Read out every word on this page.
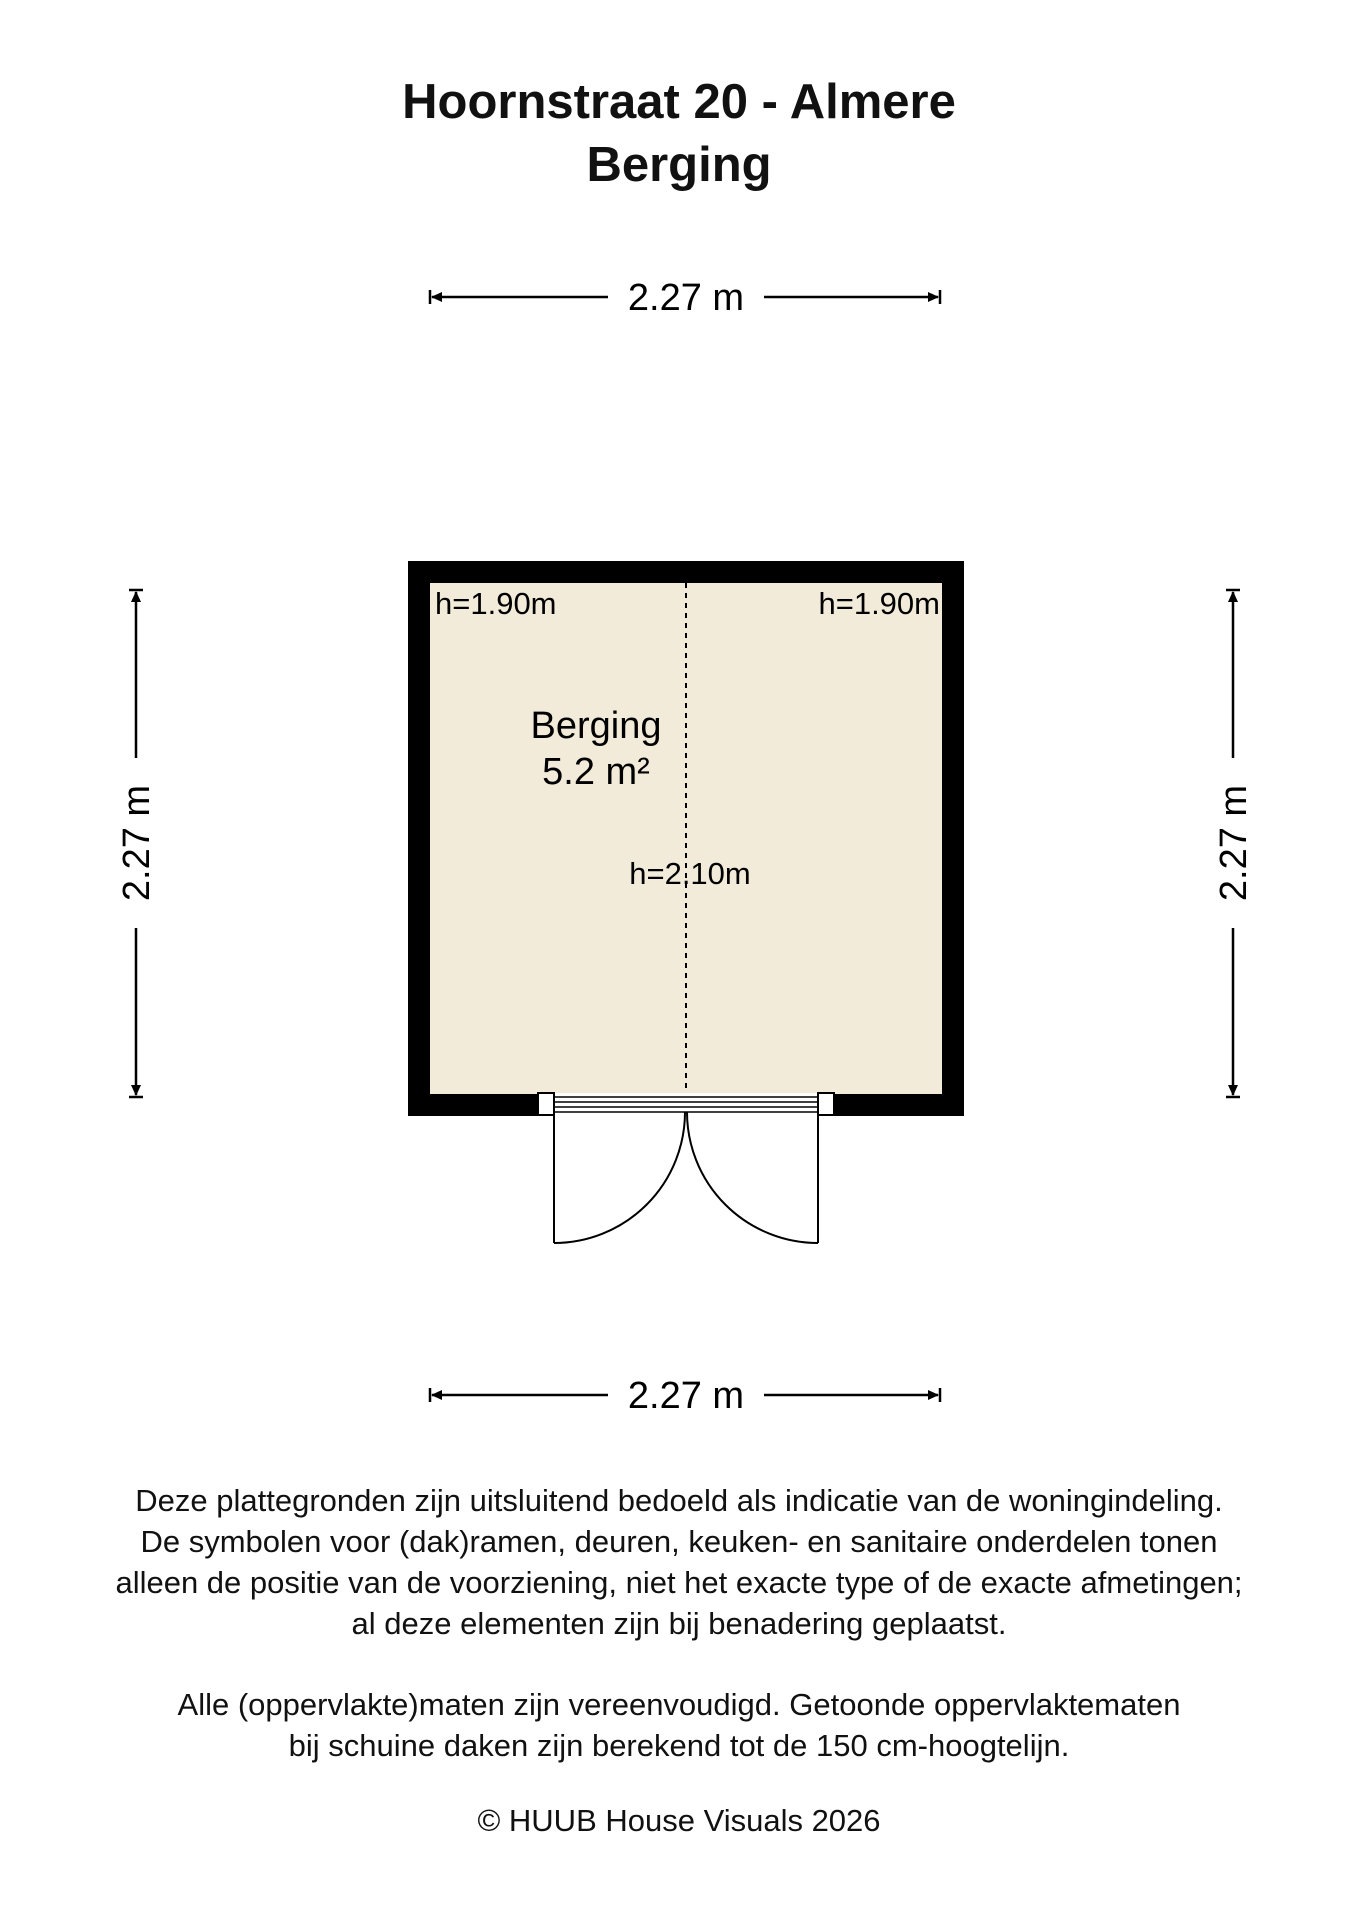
Hoornstraat 20 - Almere
Berging
2.27 m
2.27 m	2.27 m
h=1.90m	h=1.90m
Berging
5.2 m²
h=2.10m
2.27 m
Deze plattegronden zijn uitsluitend bedoeld als indicatie van de woningindeling.
De symbolen voor (dak)ramen, deuren, keuken- en sanitaire onderdelen tonen
alleen de positie van de voorziening, niet het exacte type of de exacte afmetingen;
al deze elementen zijn bij benadering geplaatst.
Alle (oppervlakte)maten zijn vereenvoudigd. Getoonde oppervlaktematen
bij schuine daken zijn berekend tot de 150 cm-hoogtelijn.
© HUUB House Visuals 2026
